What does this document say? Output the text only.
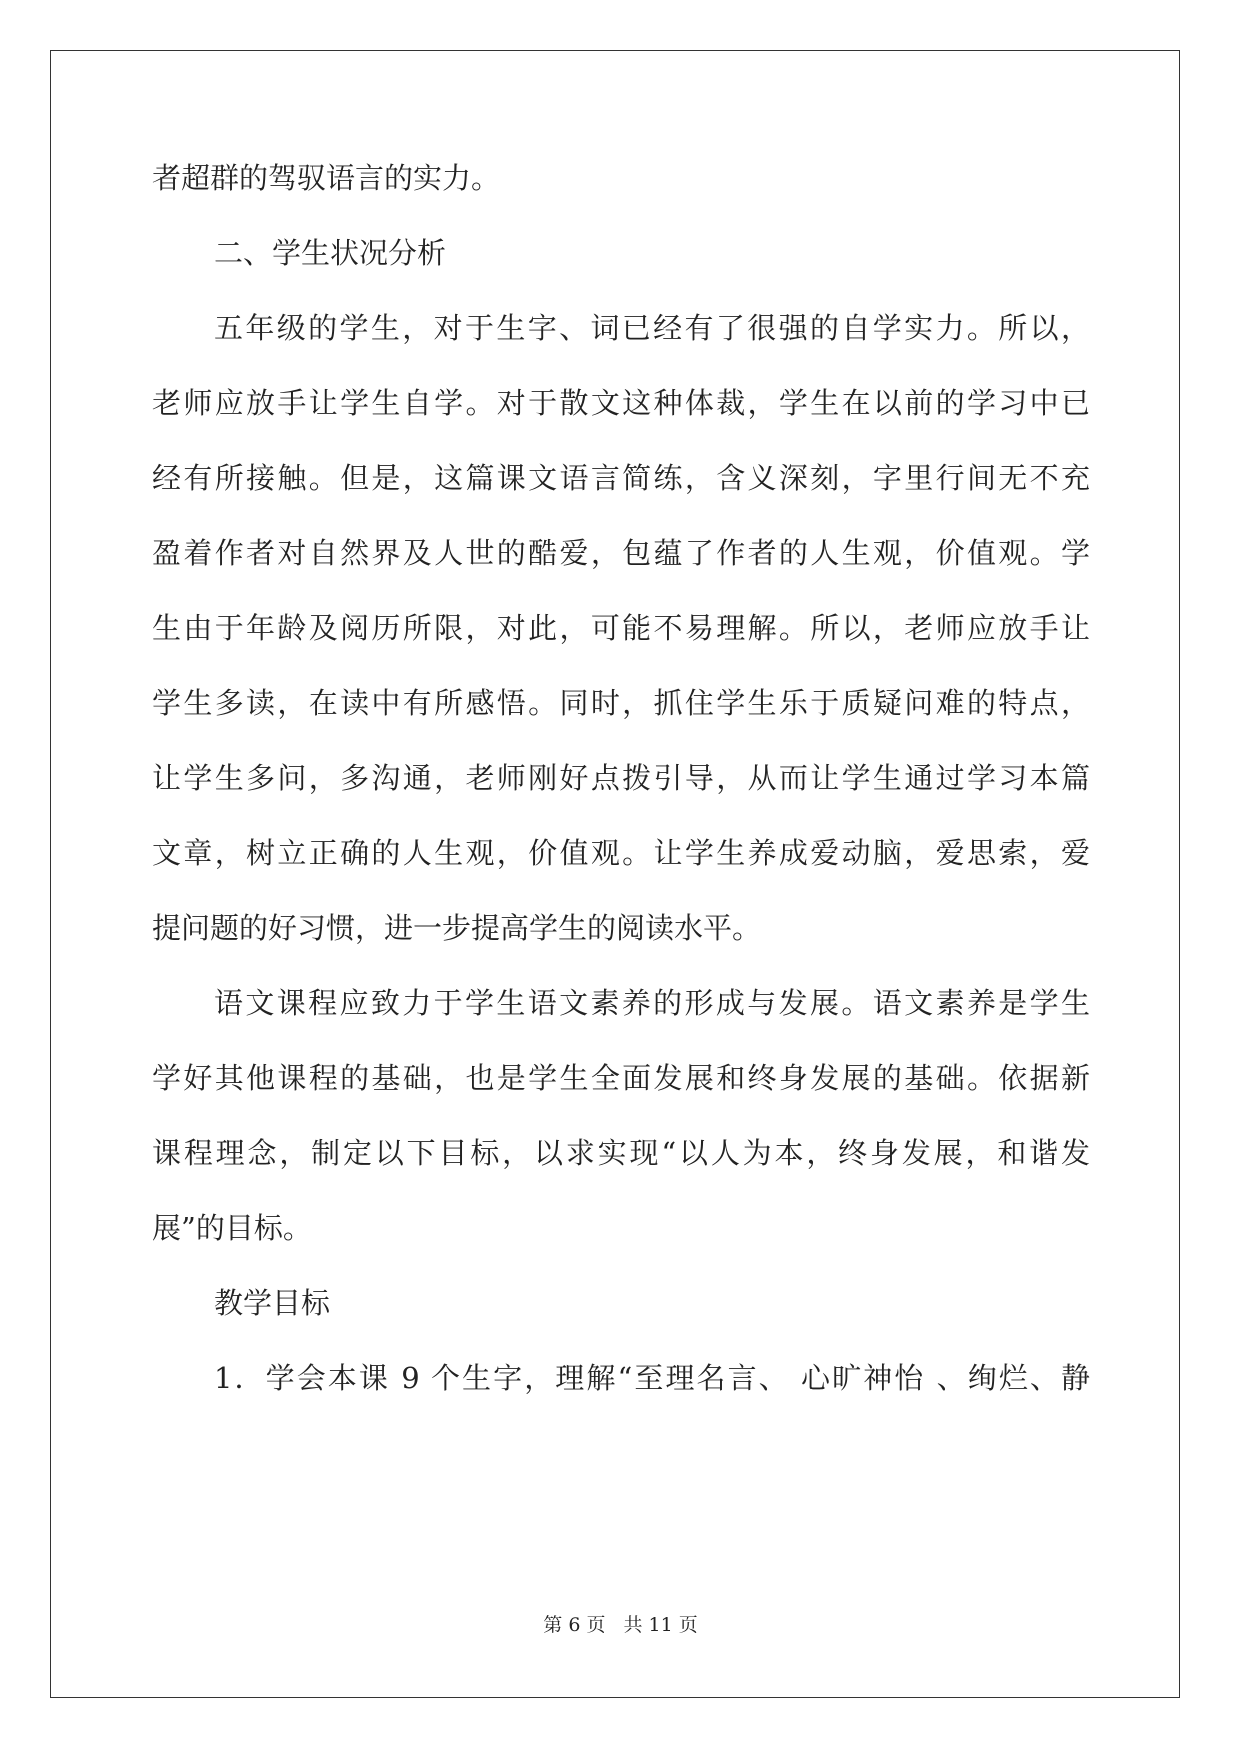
者超群的驾驭语言的实力。
二、学生状况分析
五年级的学生，对于生字、词已经有了很强的自学实力。所以，
老师应放手让学生自学。对于散文这种体裁，学生在以前的学习中已
经有所接触。但是，这篇课文语言简练，含义深刻，字里行间无不充
盈着作者对自然界及人世的酷爱，包蕴了作者的人生观，价值观。学
生由于年龄及阅历所限，对此，可能不易理解。所以，老师应放手让
学生多读，在读中有所感悟。同时，抓住学生乐于质疑问难的特点，
让学生多问，多沟通，老师刚好点拨引导，从而让学生通过学习本篇
文章，树立正确的人生观，价值观。让学生养成爱动脑，爱思索，爱
提问题的好习惯，进一步提高学生的阅读水平。
语文课程应致力于学生语文素养的形成与发展。语文素养是学生
学好其他课程的基础，也是学生全面发展和终身发展的基础。依据新
课程理念，制定以下目标，以求实现“以人为本，终身发展，和谐发
展”的目标。
教学目标
1．学会本课 9 个生字，理解“至理名言、 心旷神怡 、绚烂、静
第 6 页 共 11 页
